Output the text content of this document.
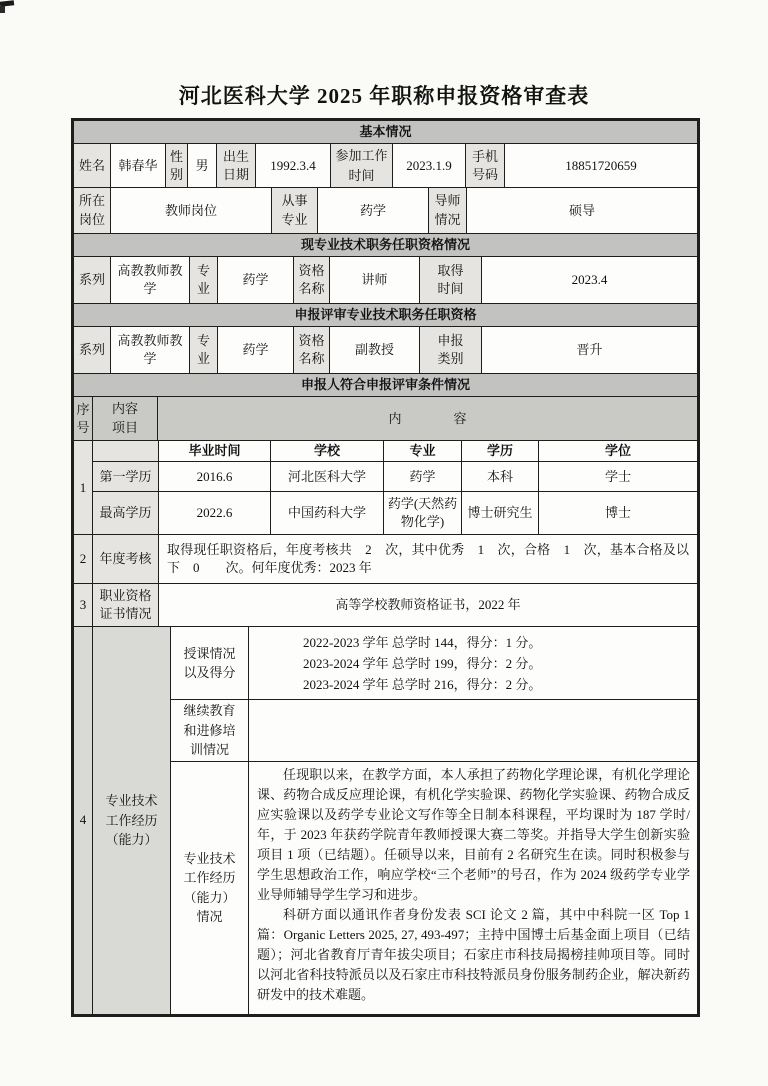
河北医科大学 2025 年职称申报资格审查表
基本情况
姓名	韩春华	性别	男	出生日期	1992.3.4	参加工作时间	2023.1.9	手机号码	18851720659
所在岗位	教师岗位	从事专业	药学	导师情况	硕导
现专业技术职务任职资格情况
系列	高教教师教学	专业	药学	资格名称	讲师	取得时间	2023.4
申报评审专业技术职务任职资格
系列	高教教师教学	专业	药学	资格名称	副教授	申报类别	晋升
申报人符合申报评审条件情况
序号	内容项目	内　　　　容
1		毕业时间	学校	专业	学历	学位
	第一学历	2016.6	河北医科大学	药学	本科	学士
	最高学历	2022.6	中国药科大学	药学(天然药物化学)	博士研究生	博士
2	年度考核	取得现任职资格后，年度考核共　2　次，其中优秀　1　次，合格　1　次，基本合格及以下　0　　次。何年度优秀：2023 年
3	职业资格证书情况	高等学校教师资格证书，2022 年
4	专业技术工作经历（能力）	授课情况以及得分	2022-2023 学年 总学时 144，得分：1 分。
2023-2024 学年 总学时 199，得分：2 分。
2023-2024 学年 总学时 216，得分：2 分。

		继续教育和进修培训情况	
		专业技术工作经历（能力）情况	任现职以来，在教学方面，本人承担了药物化学理论课，有机化学理论课、药物合成反应理论课，有机化学实验课、药物化学实验课、药物合成反应实验课以及药学专业论文写作等全日制本科课程，平均课时为 187 学时/年，于 2023 年获药学院青年教师授课大赛二等奖。并指导大学生创新实验项目 1 项（已结题）。任硕导以来，目前有 2 名研究生在读。同时积极参与学生思想政治工作，响应学校“三个老师”的号召，作为 2024 级药学专业学业导师辅导学生学习和进步。

科研方面以通讯作者身份发表 SCI 论文 2 篇，其中中科院一区 Top 1 篇：Organic Letters 2025, 27, 493-497；主持中国博士后基金面上项目（已结题）；河北省教育厅青年拔尖项目；石家庄市科技局揭榜挂帅项目等。同时以河北省科技特派员以及石家庄市科技特派员身份服务制药企业，解决新药研发中的技术难题。
